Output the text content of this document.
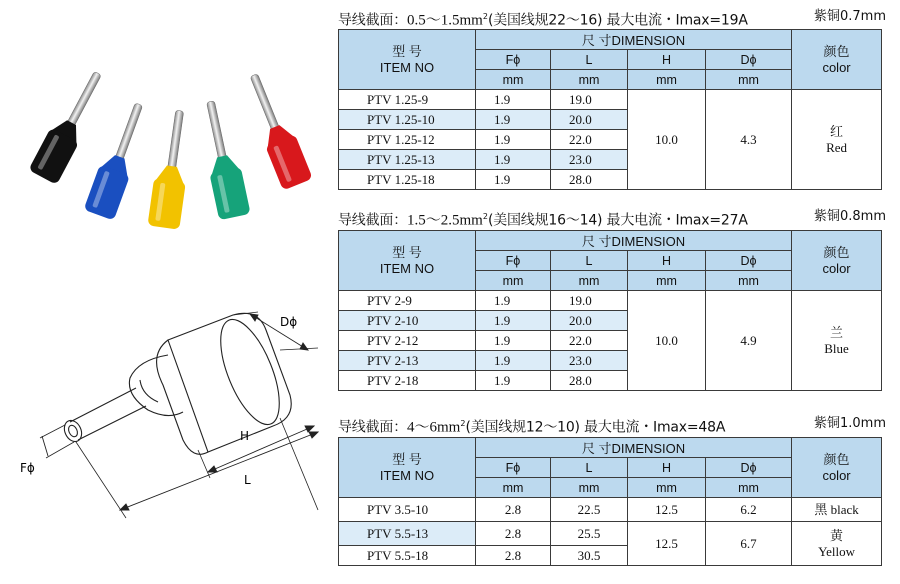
Dϕ
H
L
Fϕ
导线截面：$0.5\sim 1.5mm^2$(美国线规22～16) 最大电流・Imax=19A	紫铜0.7mm
型 号
ITEM NO	尺 寸DIMENSION				颜色
color

	Fϕ	L	H	Dϕ	
	mm	mm	mm	mm	
PTV 1.25-9	1.9	19.0	10.0	4.3	红
Red

PTV 1.25-10	1.9	20.0			
PTV 1.25-12	1.9	22.0			
PTV 1.25-13	1.9	23.0			
PTV 1.25-18	1.9	28.0			
导线截面：$1.5\sim 2.5mm^2$(美国线规16～14) 最大电流・Imax=27A	紫铜0.8mm
型 号
ITEM NO	尺 寸DIMENSION				颜色
color

	Fϕ	L	H	Dϕ	
	mm	mm	mm	mm	
PTV 2-9	1.9	19.0	10.0	4.9	兰
Blue

PTV 2-10	1.9	20.0			
PTV 2-12	1.9	22.0			
PTV 2-13	1.9	23.0			
PTV 2-18	1.9	28.0			
导线截面：$4\sim 6mm^2$(美国线规12～10) 最大电流・Imax=48A	紫铜1.0mm
型 号
ITEM NO	尺 寸DIMENSION				颜色
color

	Fϕ	L	H	Dϕ	
	mm	mm	mm	mm	
PTV 3.5-10	2.8	22.5	12.5	6.2	黑 black
PTV 5.5-13	2.8	25.5	12.5	6.7	黄
Yellow

PTV 5.5-18	2.8	30.5			
